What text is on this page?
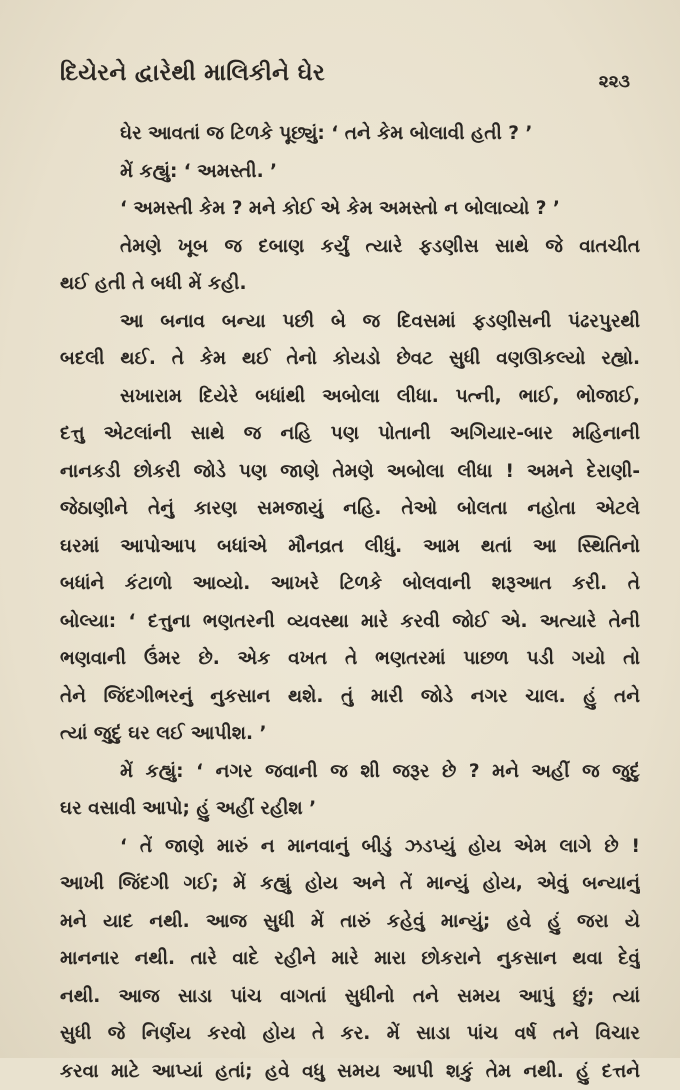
દિયેરને દ્વારેથી માલિકીને ઘેર	૨૨૩
ઘેર આવતાં જ ટિળકે પૂછ્યું: ‘ તને કેમ બોલાવી હતી ? ’
મેં કહ્યું: ‘ અમસ્તી. ’
‘ અમસ્તી કેમ ? મને કોઈ એ કેમ અમસ્તો ન બોલાવ્યો ? ’
તેમણે ખૂબ જ દબાણ કર્યું ત્યારે ફડણીસ સાથે જે વાતચીત
થઈ હતી તે બધી મેં કહી.
આ બનાવ બન્યા પછી બે જ દિવસમાં ફડણીસની પંઢરપુરથી
બદલી થઈ. તે કેમ થઈ તેનો કોયડો છેવટ સુધી વણઊકલ્યો રહ્યો.
સખારામ દિયેરે બધાંથી અબોલા લીધા. પત્ની, ભાઈ, ભોજાઈ,
દત્તુ એટલાંની સાથે જ નહિ પણ પોતાની અગિયાર-બાર મહિનાની
નાનકડી છોકરી જોડે પણ જાણે તેમણે અબોલા લીધા ! અમને દેરાણી-
જેઠાણીને તેનું કારણ સમજાયું નહિ. તેઓ બોલતા નહોતા એટલે
ઘરમાં આપોઆપ બધાંએ મૌનવ્રત લીધું. આમ થતાં આ સ્થિતિનો
બધાંને કંટાળો આવ્યો. આખરે ટિળકે બોલવાની શરૂઆત કરી. તે
બોલ્યા: ‘ દત્તુના ભણતરની વ્યવસ્થા મારે કરવી જોઈ એ. અત્યારે તેની
ભણવાની ઉંમર છે. એક વખત તે ભણતરમાં પાછળ પડી ગયો તો
તેને જિંદગીભરનું નુકસાન થશે. તું મારી જોડે નગર ચાલ. હું તને
ત્યાં જુદું ઘર લઈ આપીશ. ’
મેં કહ્યું: ‘ નગર જવાની જ શી જરૂર છે ? મને અહીં જ જુદું
ઘર વસાવી આપો; હું અહીં રહીશ ’
‘ તેં જાણે મારું ન માનવાનું બીડું ઝડપ્યું હોય એમ લાગે છે !
આખી જિંદગી ગઈ; મેં કહ્યું હોય અને તેં માન્યું હોય, એવું બન્યાનું
મને યાદ નથી. આજ સુધી મેં તારું કહેવું માન્યું; હવે હું જરા યે
માનનાર નથી. તારે વાદે રહીને મારે મારા છોકરાને નુકસાન થવા દેવું
નથી. આજ સાડા પાંચ વાગતાં સુધીનો તને સમય આપું છું; ત્યાં
સુધી જે નિર્ણય કરવો હોય તે કર. મેં સાડા પાંચ વર્ષ તને વિચાર
કરવા માટે આપ્યાં હતાં; હવે વધુ સમય આપી શકું તેમ નથી. હું દત્તને
